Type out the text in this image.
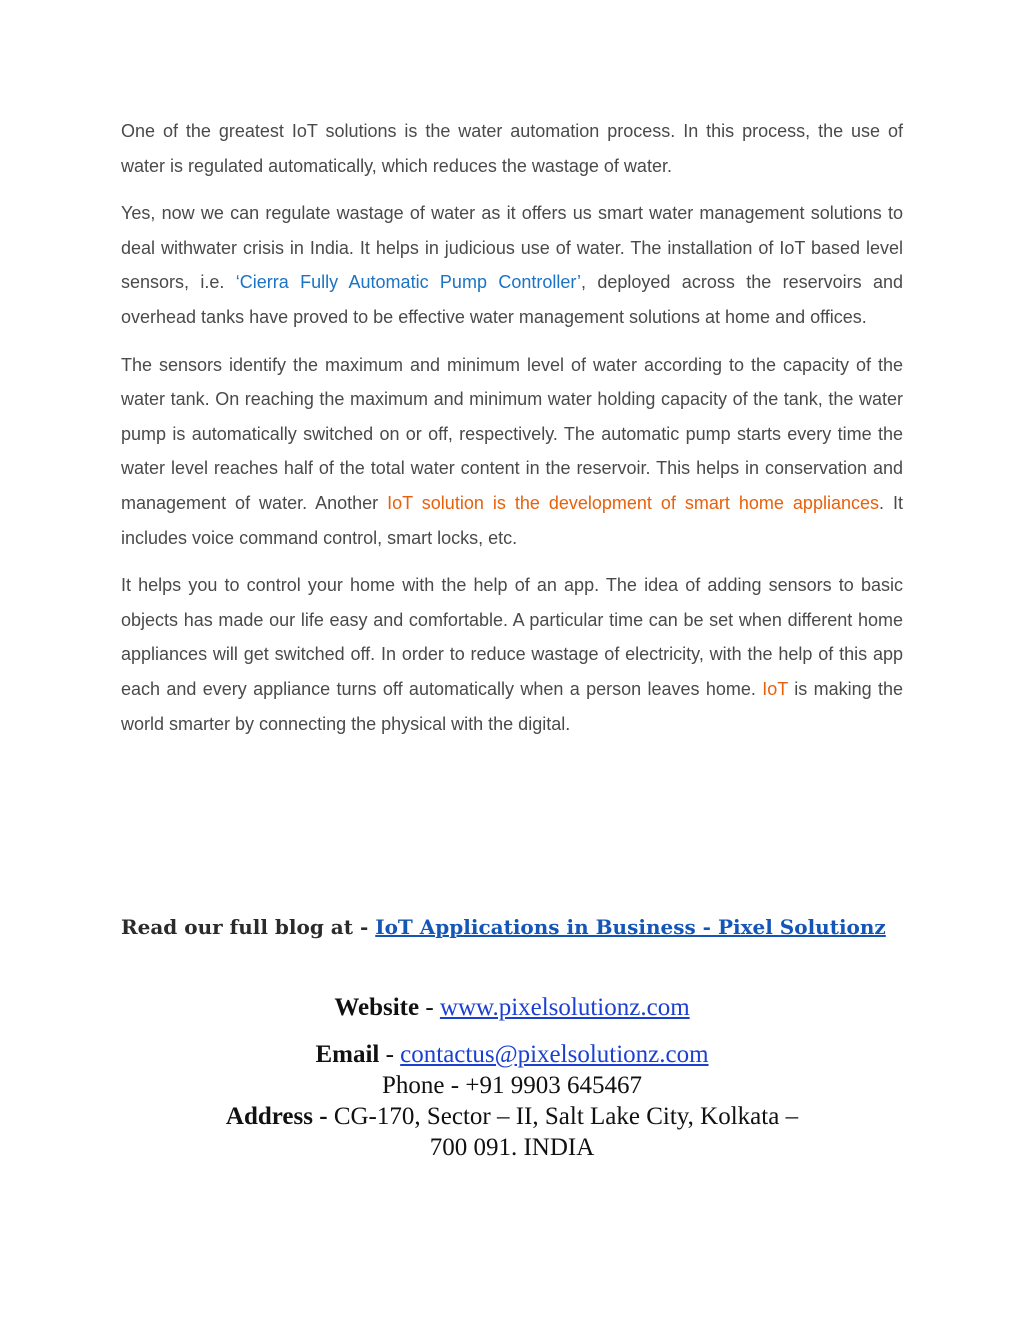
One of the greatest IoT solutions is the water automation process. In this process, the use of water is regulated automatically, which reduces the wastage of water.

Yes, now we can regulate wastage of water as it offers us smart water management solutions to deal withwater crisis in India. It helps in judicious use of water. The installation of IoT based level sensors, i.e. ‘Cierra Fully Automatic Pump Controller’, deployed across the reservoirs and overhead tanks have proved to be effective water management solutions at home and offices.

The sensors identify the maximum and minimum level of water according to the capacity of the water tank. On reaching the maximum and minimum water holding capacity of the tank, the water pump is automatically switched on or off, respectively. The automatic pump starts every time the water level reaches half of the total water content in the reservoir. This helps in conservation and management of water. Another IoT solution is the development of smart home appliances. It includes voice command control, smart locks, etc.

It helps you to control your home with the help of an app. The idea of adding sensors to basic objects has made our life easy and comfortable. A particular time can be set when different home appliances will get switched off. In order to reduce wastage of electricity, with the help of this app each and every appliance turns off automatically when a person leaves home. IoT is making the world smarter by connecting the physical with the digital.

Read our full blog at - IoT Applications in Business - Pixel Solutionz
Website - www.pixelsolutionz.com
Email - contactus@pixelsolutionz.com
Phone - +91 9903 645467
Address - CG-170, Sector – II, Salt Lake City, Kolkata –
700 091. INDIA
